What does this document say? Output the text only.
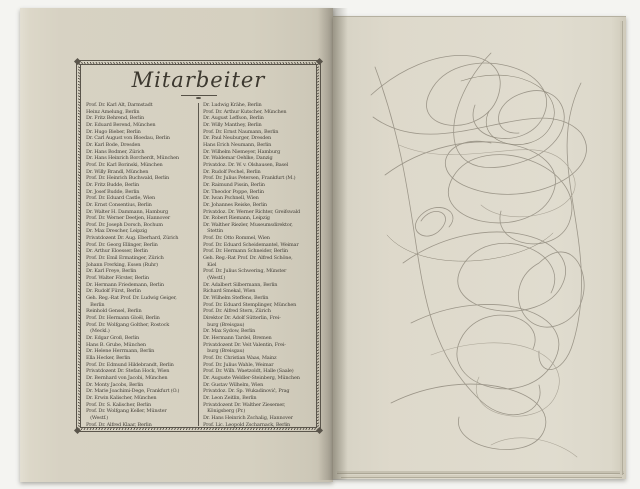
Mitarbeiter
Prof. Dr. Karl Alt, Darmstadt
Heinz Amelung, Berlin
Dr. Fritz Behrend, Berlin
Dr. Eduard Berend, München
Dr. Hugo Bieber, Berlin
Dr. Carl August von Bloedau, Berlin
Dr. Karl Bode, Dresden
Dr. Hans Bodmer, Zürich
Dr. Hans Heinrich Borcherdt, München
Prof. Dr. Karl Borinski, München
Dr. Willy Brandl, München
Prof. Dr. Heinrich Buchwald, Berlin
Dr. Fritz Budde, Berlin
Dr. Josef Budde, Berlin
Prof. Dr. Eduard Castle, Wien
Dr. Ernst Consentius, Berlin
Dr. Walter H. Dammann, Hamburg
Prof. Dr. Werner Deetjen, Hannover
Prof. Dr. Joseph Dorsch, Bochum
Dr. Max Drescher, Leipzig
Privatdozent Dr. Aug. Eberhard, Zürich
Prof. Dr. Georg Ellinger, Berlin
Dr. Arthur Eloesser, Berlin
Prof. Dr. Emil Ermatinger, Zürich
Johann Frerking, Essen (Ruhr)
Dr. Karl Freye, Berlin
Prof. Walter Förster, Berlin
Dr. Hermann Friedemann, Berlin
Dr. Rudolf Fürst, Berlin
Geh. Reg.-Rat Prof. Dr. Ludwig Geiger,
Berlin
Reinhold Gensel, Berlin
Prof. Dr. Hermann Gloël, Berlin
Prof. Dr. Wolfgang Golther, Rostock
(Meckl.)
Dr. Edgar Groß, Berlin
Hans B. Grube, München
Dr. Helene Herrmann, Berlin
Ella Hecker, Berlin
Prof. Dr. Edmund Hildebrandt, Berlin
Privatdozent Dr. Stefan Hock, Wien
Dr. Bernhard von Jacobi, München
Dr. Monty Jacobs, Berlin
Dr. Marie Joachimi-Dege, Frankfurt (O.)
Dr. Erwin Kalischer, München
Prof. Dr. S. Kalischer, Berlin
Prof. Dr. Wolfgang Keller, Münster
(Westf.)
Prof. Dr. Alfred Klaar, Berlin
Dr. Ludwig Krähe, Berlin
Prof. Dr. Arthur Kutscher, München
Dr. August Leffson, Berlin
Dr. Willy Manthey, Berlin
Prof. Dr. Ernst Naumann, Berlin
Dr. Paul Neuburger, Dresden
Hans Erich Neumann, Berlin
Dr. Wilhelm Niemeyer, Hamburg
Dr. Waldemar Oehlke, Danzig
Privatdoz. Dr. W. v. Olshausen, Basel
Dr. Rudolf Pechel, Berlin
Prof. Dr. Julius Petersen, Frankfurt (M.)
Dr. Raimund Pissin, Berlin
Dr. Theodor Poppe, Berlin
Dr. Iwan Pschnell, Wien
Dr. Johannes Reiske, Berlin
Privatdoz. Dr. Werner Richter, Greifswald
Dr. Robert Riemann, Leipzig
Dr. Walther Riezler, Museumsdirektor,
Stettin
Prof. Dr. Otto Rommel, Wien
Prof. Dr. Eduard Scheidemantel, Weimar
Prof. Dr. Hermann Schneider, Berlin
Geh. Reg.-Rat Prof. Dr. Alfred Schöne,
Kiel
Prof. Dr. Julius Schwering, Münster
(Westf.)
Dr. Adalbert Silbermann, Berlin
Richard Smekal, Wien
Dr. Wilhelm Steffens, Berlin
Prof. Dr. Eduard Stemplinger, München
Prof. Dr. Alfred Stern, Zürich
Direktor Dr. Adolf Sütterlin, Frei-
burg (Breisgau)
Dr. Max Sydow, Berlin
Dr. Hermann Tardel, Bremen
Privatdozent Dr. Veit Valentin, Frei-
burg (Breisgau)
Prof. Dr. Christian Waas, Mainz
Prof. Dr. Julius Wahle, Weimar
Prof. Dr. Wilh. Waetzoldt, Halle (Saale)
Dr. Auguste Weldler-Steinberg, München
Dr. Gustav Wilhelm, Wien
Privatdoz. Dr. Sp. Wukadinović, Prag
Dr. Leon Zeitlin, Berlin
Privatdozent Dr. Walther Ziesemer,
Königsberg (Pr.)
Dr. Hans Heinrich Zschalig, Hannover
Prof. Lic. Leopold Zscharnack, Berlin
